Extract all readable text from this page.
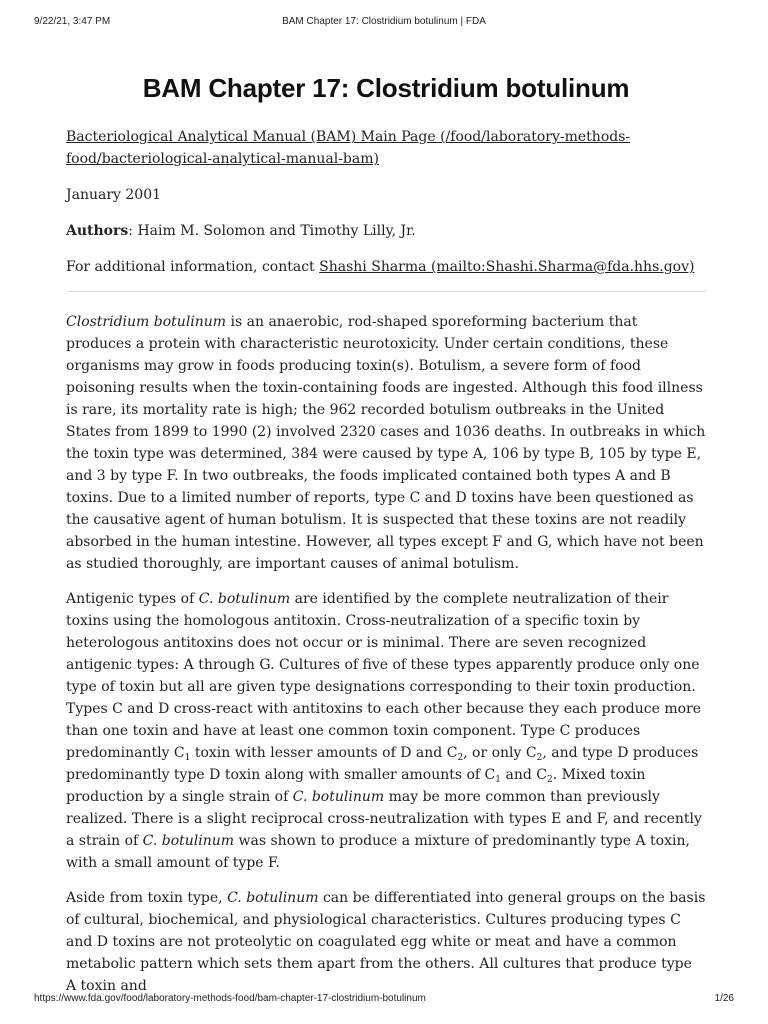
9/22/21, 3:47 PM	BAM Chapter 17: Clostridium botulinum | FDA
BAM Chapter 17: Clostridium botulinum
Bacteriological Analytical Manual (BAM) Main Page (/food/laboratory-methods-
food/bacteriological-analytical-manual-bam)
January 2001
Authors: Haim M. Solomon and Timothy Lilly, Jr.
For additional information, contact Shashi Sharma (mailto:Shashi.Sharma@fda.hhs.gov)

Clostridium botulinum is an anaerobic, rod-shaped sporeforming bacterium that produces a protein with characteristic neurotoxicity. Under certain conditions, these organisms may grow in foods producing toxin(s). Botulism, a severe form of food poisoning results when the toxin-containing foods are ingested. Although this food illness is rare, its mortality rate is high; the 962 recorded botulism outbreaks in the United States from 1899 to 1990 (2) involved 2320 cases and 1036 deaths. In outbreaks in which the toxin type was determined, 384 were caused by type A, 106 by type B, 105 by type E, and 3 by type F. In two outbreaks, the foods implicated contained both types A and B toxins. Due to a limited number of reports, type C and D toxins have been questioned as the causative agent of human botulism. It is suspected that these toxins are not readily absorbed in the human intestine. However, all types except F and G, which have not been as studied thoroughly, are important causes of animal botulism.

Antigenic types of C. botulinum are identified by the complete neutralization of their toxins using the homologous antitoxin. Cross-neutralization of a specific toxin by heterologous antitoxins does not occur or is minimal. There are seven recognized antigenic types: A through G. Cultures of five of these types apparently produce only one type of toxin but all are given type designations corresponding to their toxin production. Types C and D cross-react with antitoxins to each other because they each produce more than one toxin and have at least one common toxin component. Type C produces predominantly $C_1$ toxin with lesser amounts of D and $C_2$, or only $C_2$, and type D produces predominantly type D toxin along with smaller amounts of $C_1$ and $C_2$. Mixed toxin production by a single strain of C. botulinum may be more common than previously realized. There is a slight reciprocal cross-neutralization with types E and F, and recently a strain of C. botulinum was shown to produce a mixture of predominantly type A toxin, with a small amount of type F.

Aside from toxin type, C. botulinum can be differentiated into general groups on the basis of cultural, biochemical, and physiological characteristics. Cultures producing types C and D toxins are not proteolytic on coagulated egg white or meat and have a common metabolic pattern which sets them apart from the others. All cultures that produce type A toxin and

https://www.fda.gov/food/laboratory-methods-food/bam-chapter-17-clostridium-botulinum	1/26
